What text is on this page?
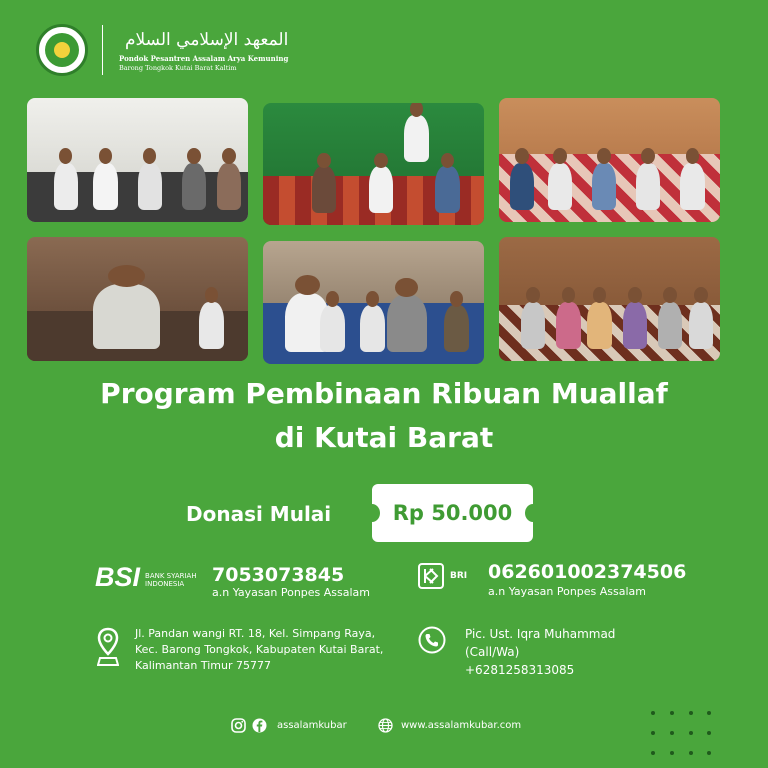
المعهد الإسلامي السلام
Pondok Pesantren Assalam Arya Kemuning
Barong Tongkok Kutai Barat Kaltim
Program Pembinaan Ribuan Muallaf
di Kutai Barat
Donasi Mulai	Rp 50.000
BSI BANK SYARIAH
INDONESIA	7053073845
a.n Yayasan Ponpes Assalam
BRI 062601002374506
a.n Yayasan Ponpes Assalam
Jl. Pandan wangi RT. 18, Kel. Simpang Raya,
Kec. Barong Tongkok, Kabupaten Kutai Barat,
Kalimantan Timur 75777
Pic. Ust. Iqra Muhammad
(Call/Wa)
+6281258313085
assalamkubar	www.assalamkubar.com
